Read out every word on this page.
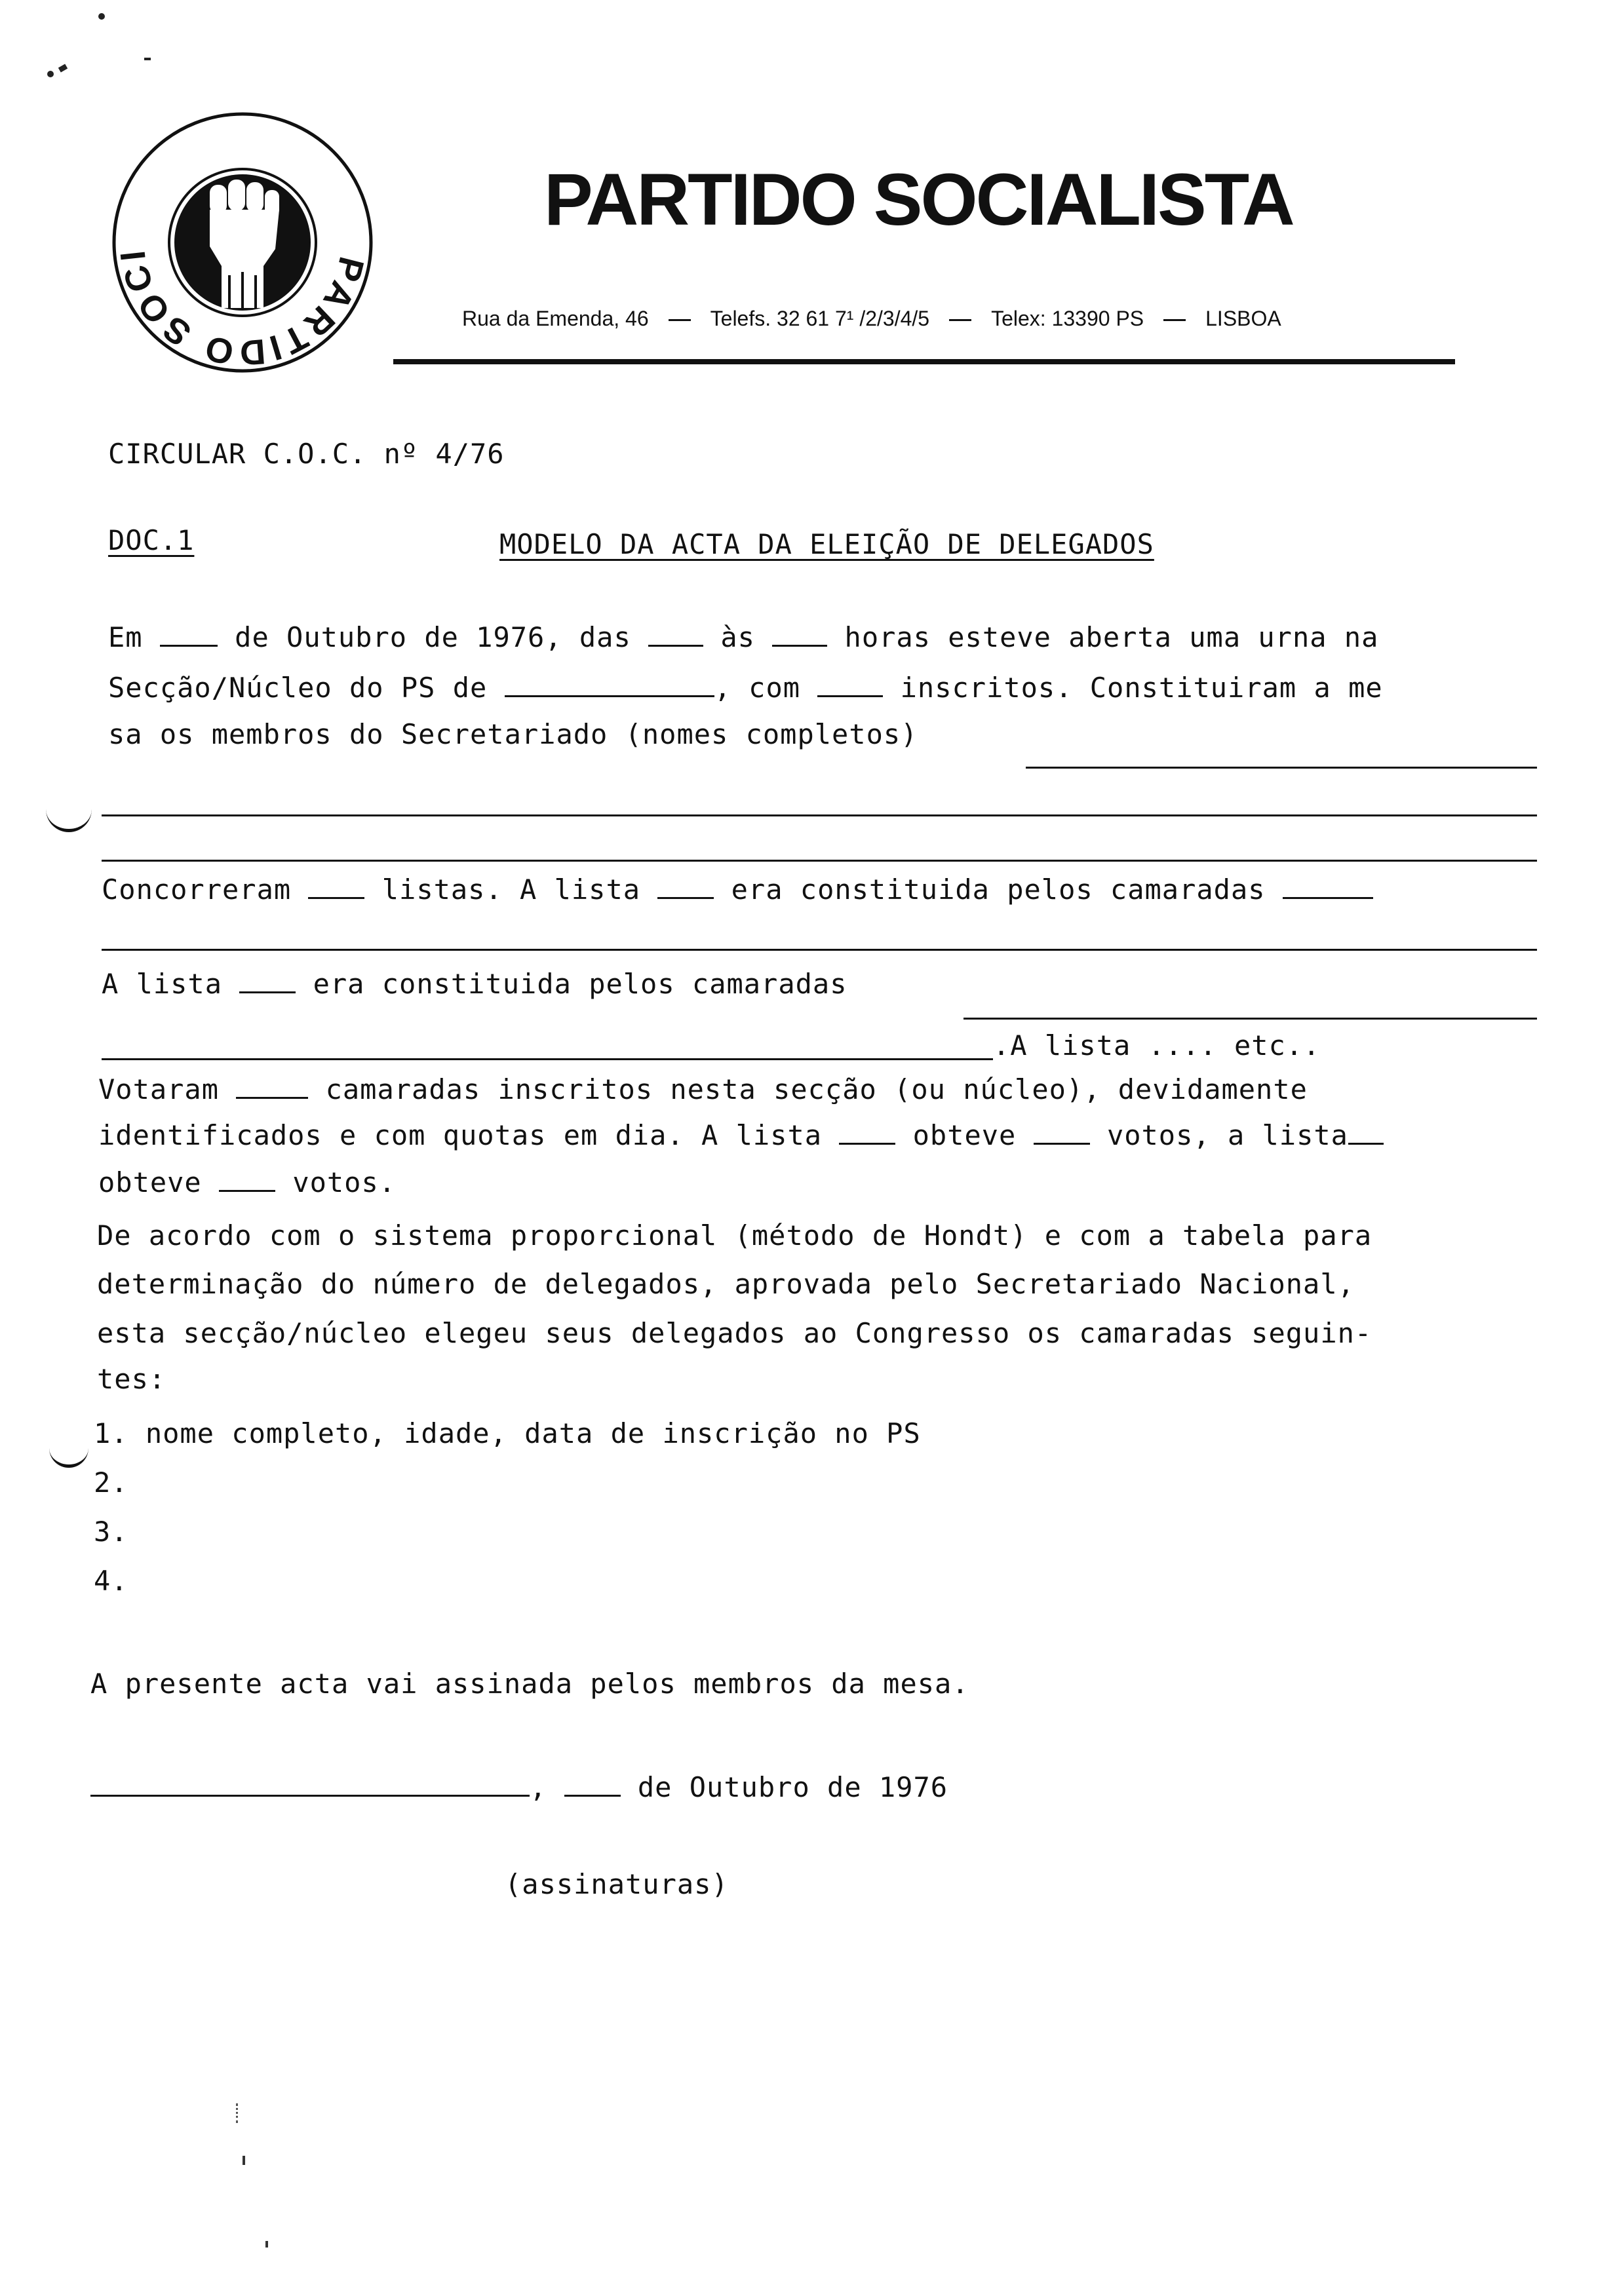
PARTIDO SOCI
PARTIDO SOCIALISTA
Rua da Emenda, 46	Telefs. 32 61 7¹ /2/3/4/5	Telex: 13390 PS	LISBOA
CIRCULAR C.O.C. nº 4/76
DOC.1	MODELO DA ACTA DA ELEIÇÃO DE DELEGADOS
Em	de Outubro de 1976, das	às	horas esteve aberta uma urna na
Secção/Núcleo do PS de	, com	inscritos. Constituiram a me
sa os membros do Secretariado (nomes completos)
Concorreram	listas. A lista	era constituida pelos camaradas
A lista	era constituida pelos camaradas
.A lista .... etc..
Votaram	camaradas inscritos nesta secção (ou núcleo), devidamente
identificados e com quotas em dia. A lista	obteve	votos, a lista
obteve	votos.
De acordo com o sistema proporcional (método de Hondt) e com a tabela para
determinação do número de delegados, aprovada pelo Secretariado Nacional,
esta secção/núcleo elegeu seus delegados ao Congresso os camaradas seguin-
tes:
1. nome completo, idade, data de inscrição no PS
2.
3.
4.
A presente acta vai assinada pelos membros da mesa.
,	de Outubro de 1976
(assinaturas)
